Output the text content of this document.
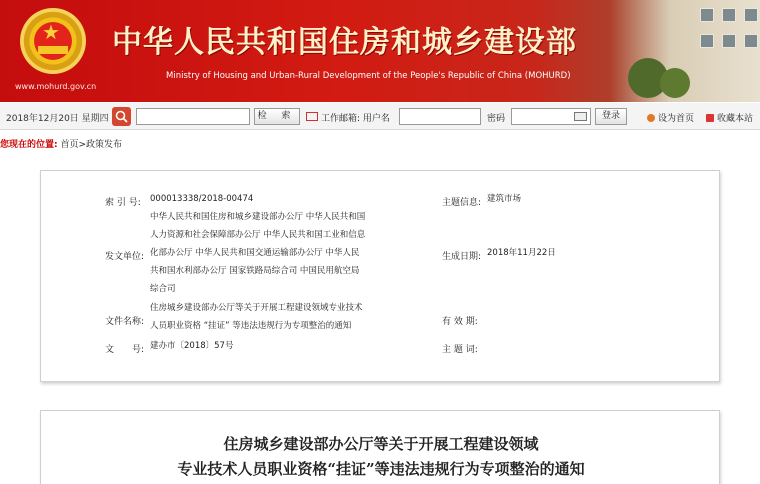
★
www.mohurd.gov.cn
中华人民共和国住房和城乡建设部
Ministry of Housing and Urban-Rural Development of the People's Republic of China (MOHURD)
2018年12月20日 星期四	检 索	工作邮箱: 用户名	密码	登录	设为首页	收藏本站
您现在的位置: 首页>政策发布
索 引 号: 000013338/2018-00474
发文单位:
中华人民共和国住房和城乡建设部办公厅 中华人民共和国
人力资源和社会保障部办公厅 中华人民共和国工业和信息
化部办公厅 中华人民共和国交通运输部办公厅 中华人民
共和国水利部办公厅 国家铁路局综合司 中国民用航空局
综合司
文件名称:
住房城乡建设部办公厅等关于开展工程建设领域专业技术
人员职业资格 “挂证” 等违法违规行为专项整治的通知
文　　号: 建办市〔2018〕57号
主题信息: 建筑市场
生成日期: 2018年11月22日
有 效 期:
主 题 词:
住房城乡建设部办公厅等关于开展工程建设领域
专业技术人员职业资格“挂证”等违法违规行为专项整治的通知
